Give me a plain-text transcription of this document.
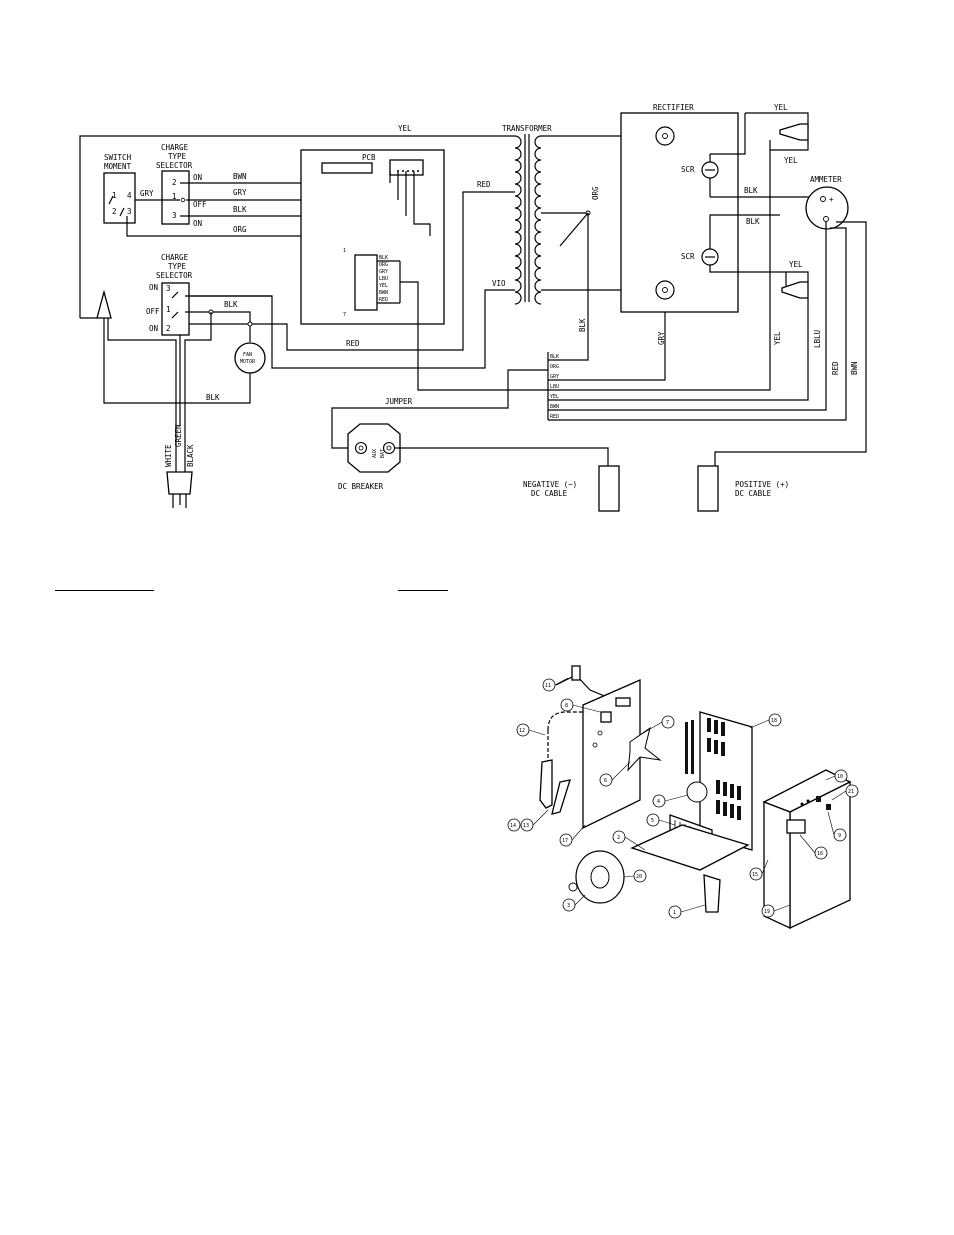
SWITCH
MOMENT
1 4
2 3
CHARGE
TYPE
SELECTOR
2
1
3
ON
OFF
ON
BWN
GRY
BLK
ORG
GRY
PCB
1
7
BLK
ORG
GRY
LBU
YEL
BWN
RED
YEL	TRANSFORMER
RED
VIO
ORG
RED
BLK
GRY
RECTIFIER
SCR
SCR
BLK
BLK
YEL
YEL
YEL
YEL
LBLU
AMMETER
+
RED BWN
BLK
ORG
GRY
LBU
YEL
BWN
RED
JUMPER
CHARGE
TYPE
SELECTOR
ON
OFF
ON
3
1
2
BLK
FAN
MOTOR
BLK
WHITE
GREEN
BLACK	AUX BAT
DC BREAKER	NEGATIVE (−)
DC CABLE
POSITIVE (+)
DC CABLE
11
8
7	18
12
6
4
10
21
14 13
17	2
5
9
16
20
3
1
15
19
